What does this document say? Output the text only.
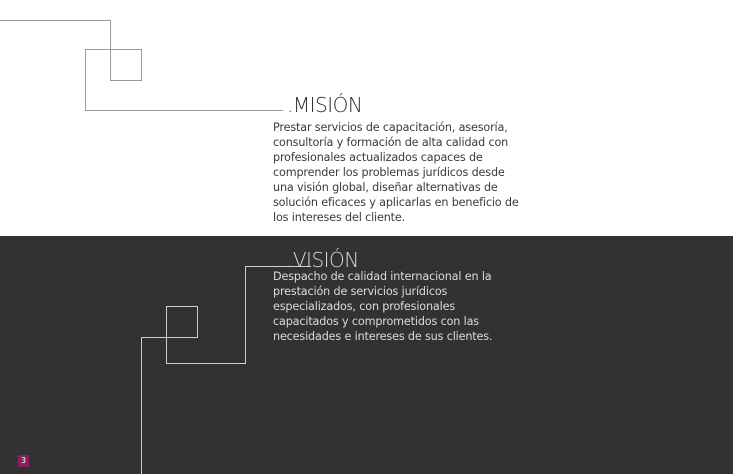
.MISIÓN

Prestar servicios de capacitación, asesoría,
consultoría y formación de alta calidad con
profesionales actualizados capaces de
comprender los problemas jurídicos desde
una visión global, diseñar alternativas de
solución eficaces y aplicarlas en beneficio de
los intereses del cliente.

.VISIÓN

Despacho de calidad internacional en la
prestación de servicios jurídicos
especializados, con profesionales
capacitados y comprometidos con las
necesidades e intereses de sus clientes.

3
